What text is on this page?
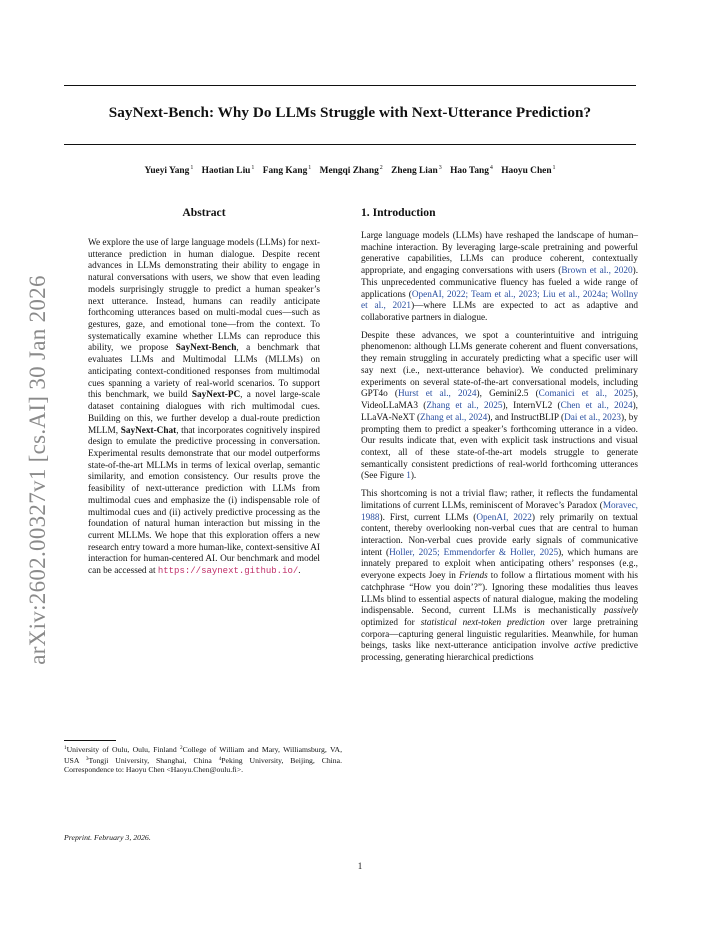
SayNext-Bench: Why Do LLMs Struggle with Next-Utterance Prediction?
Yueyi Yang$^1$ Haotian Liu$^1$ Fang Kang$^1$ Mengqi Zhang$^2$ Zheng Lian$^3$ Hao Tang$^4$ Haoyu Chen$^1$
arXiv:2602.00327v1 [cs.AI] 30 Jan 2026
Abstract

We explore the use of large language models (LLMs) for next-utterance prediction in human dialogue. Despite recent advances in LLMs demonstrating their ability to engage in natural conversations with users, we show that even leading models surprisingly struggle to predict a human speaker’s next utterance. Instead, humans can readily anticipate forthcoming utterances based on multi-modal cues—such as gestures, gaze, and emotional tone—from the context. To systematically examine whether LLMs can reproduce this ability, we propose SayNext-Bench, a benchmark that evaluates LLMs and Multimodal LLMs (MLLMs) on anticipating context-conditioned responses from multimodal cues spanning a variety of real-world scenarios. To support this benchmark, we build SayNext-PC, a novel large-scale dataset containing dialogues with rich multimodal cues. Building on this, we further develop a dual-route prediction MLLM, SayNext-Chat, that incorporates cognitively inspired design to emulate the predictive processing in conversation. Experimental results demonstrate that our model outperforms state-of-the-art MLLMs in terms of lexical overlap, semantic similarity, and emotion consistency. Our results prove the feasibility of next-utterance prediction with LLMs from multimodal cues and emphasize the (i) indispensable role of multimodal cues and (ii) actively predictive processing as the foundation of natural human interaction but missing in the current MLLMs. We hope that this exploration offers a new research entry toward a more human-like, context-sensitive AI interaction for human-centered AI. Our benchmark and model can be accessed at https://saynext.github.io/.

$^1$University of Oulu, Oulu, Finland $^2$College of William and Mary, Williamsburg, VA, USA $^3$Tongji University, Shanghai, China $^4$Peking University, Beijing, China. Correspondence to: Haoyu Chen <Haoyu.Chen@oulu.fi>.
Preprint. February 3, 2026.
1. Introduction

Large language models (LLMs) have reshaped the landscape of human–machine interaction. By leveraging large-scale pretraining and powerful generative capabilities, LLMs can produce coherent, contextually appropriate, and engaging conversations with users (Brown et al., 2020). This unprecedented communicative fluency has fueled a wide range of applications (OpenAI, 2022; Team et al., 2023; Liu et al., 2024a; Wollny et al., 2021)—where LLMs are expected to act as adaptive and collaborative partners in dialogue.

Despite these advances, we spot a counterintuitive and intriguing phenomenon: although LLMs generate coherent and fluent conversations, they remain struggling in accurately predicting what a specific user will say next (i.e., next-utterance behavior). We conducted preliminary experiments on several state-of-the-art conversational models, including GPT4o (Hurst et al., 2024), Gemini2.5 (Comanici et al., 2025), VideoLLaMA3 (Zhang et al., 2025), InternVL2 (Chen et al., 2024), LLaVA-NeXT (Zhang et al., 2024), and InstructBLIP (Dai et al., 2023), by prompting them to predict a speaker’s forthcoming utterance in a video. Our results indicate that, even with explicit task instructions and visual context, all of these state-of-the-art models struggle to generate semantically consistent predictions of real-world forthcoming utterances (See Figure 1).

This shortcoming is not a trivial flaw; rather, it reflects the fundamental limitations of current LLMs, reminiscent of Moravec’s Paradox (Moravec, 1988). First, current LLMs (OpenAI, 2022) rely primarily on textual content, thereby overlooking non-verbal cues that are central to human interaction. Non-verbal cues provide early signals of communicative intent (Holler, 2025; Emmendorfer & Holler, 2025), which humans are innately prepared to exploit when anticipating others’ responses (e.g., everyone expects Joey in Friends to follow a flirtatious moment with his catchphrase “How you doin’?”). Ignoring these modalities thus leaves LLMs blind to essential aspects of natural dialogue, making the modeling indispensable. Second, current LLMs is mechanistically passively optimized for statistical next-token prediction over large pretraining corpora—capturing general linguistic regularities. Meanwhile, for human beings, tasks like next-utterance anticipation involve active predictive processing, generating hierarchical predictions

1
